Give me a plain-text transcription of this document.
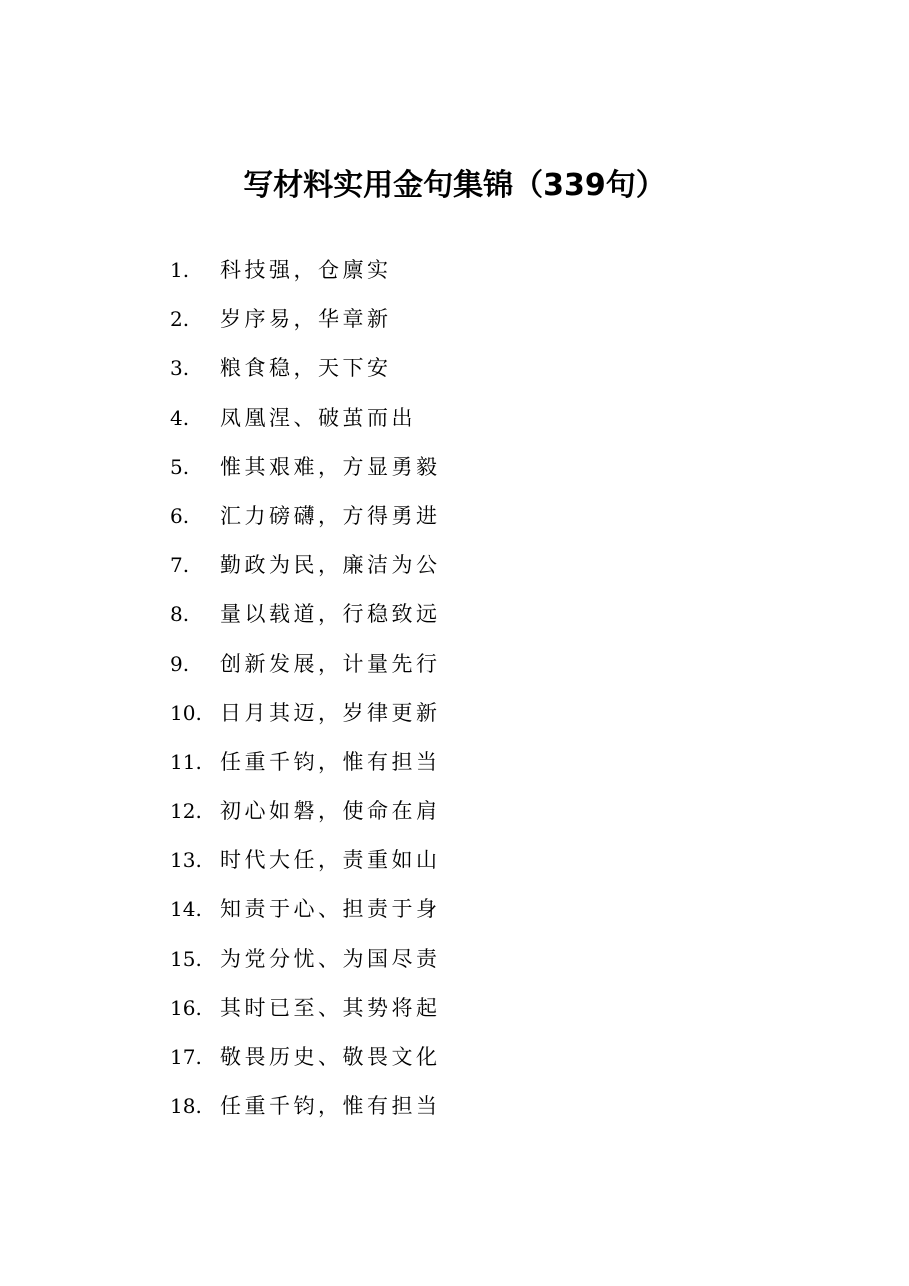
写材料实用金句集锦（339句）
1.	科技强，仓廪实
2.	岁序易，华章新
3.	粮食稳，天下安
4.	凤凰涅、破茧而出
5.	惟其艰难，方显勇毅
6.	汇力磅礴，方得勇进
7.	勤政为民，廉洁为公
8.	量以载道，行稳致远
9.	创新发展，计量先行
10. 日月其迈，岁律更新
11. 任重千钧，惟有担当
12. 初心如磐，使命在肩
13. 时代大任，责重如山
14. 知责于心、担责于身
15. 为党分忧、为国尽责
16. 其时已至、其势将起
17. 敬畏历史、敬畏文化
18. 任重千钧，惟有担当
